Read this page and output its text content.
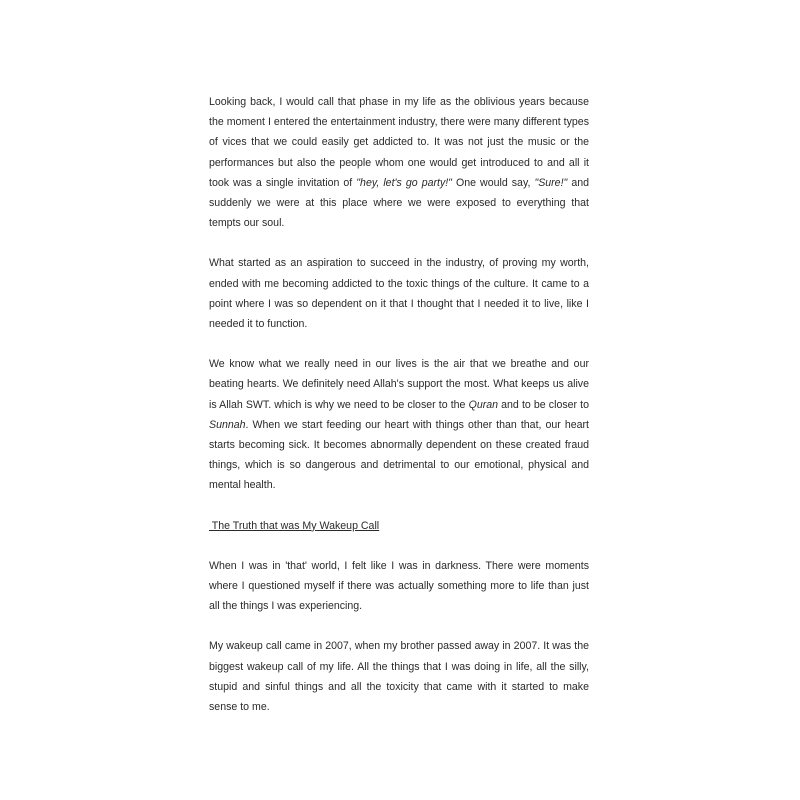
Looking back, I would call that phase in my life as the oblivious years because the moment I entered the entertainment industry, there were many different types of vices that we could easily get addicted to. It was not just the music or the performances but also the people whom one would get introduced to and all it took was a single invitation of "hey, let's go party!" One would say, "Sure!" and suddenly we were at this place where we were exposed to everything that tempts our soul.

What started as an aspiration to succeed in the industry, of proving my worth, ended with me becoming addicted to the toxic things of the culture. It came to a point where I was so dependent on it that I thought that I needed it to live, like I needed it to function.

We know what we really need in our lives is the air that we breathe and our beating hearts. We definitely need Allah's support the most. What keeps us alive is Allah SWT. which is why we need to be closer to the Quran and to be closer to Sunnah. When we start feeding our heart with things other than that, our heart starts becoming sick. It becomes abnormally dependent on these created fraud things, which is so dangerous and detrimental to our emotional, physical and mental health.

The Truth that was My Wakeup Call

When I was in 'that' world, I felt like I was in darkness. There were moments where I questioned myself if there was actually something more to life than just all the things I was experiencing.

My wakeup call came in 2007, when my brother passed away in 2007. It was the biggest wakeup call of my life. All the things that I was doing in life, all the silly, stupid and sinful things and all the toxicity that came with it started to make sense to me.
